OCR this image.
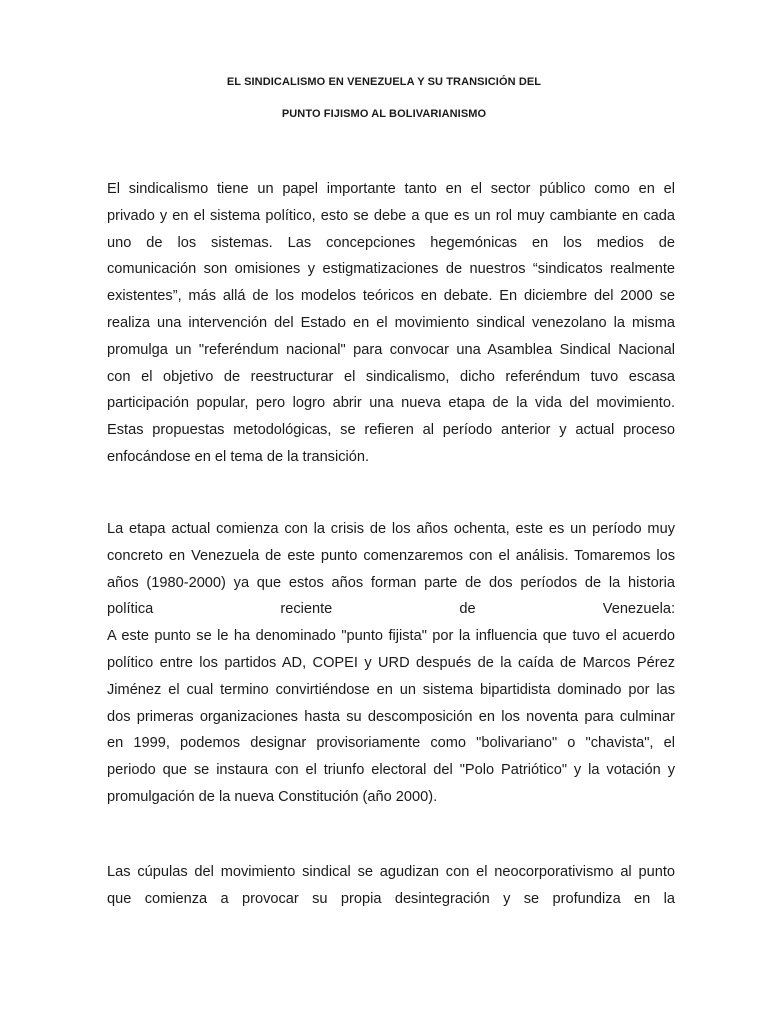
EL SINDICALISMO EN VENEZUELA Y SU TRANSICIÓN DEL
PUNTO FIJISMO AL BOLIVARIANISMO
El sindicalismo tiene un papel importante tanto en el sector público como en el
privado y en el sistema político, esto se debe a que es un rol muy cambiante en cada
uno de los sistemas. Las concepciones hegemónicas en los medios de
comunicación son omisiones y estigmatizaciones de nuestros “sindicatos realmente
existentes”, más allá de los modelos teóricos en debate. En diciembre del 2000 se
realiza una intervención del Estado en el movimiento sindical venezolano la misma
promulga un "referéndum nacional" para convocar una Asamblea Sindical Nacional
con el objetivo de reestructurar el sindicalismo, dicho referéndum tuvo escasa
participación popular, pero logro abrir una nueva etapa de la vida del movimiento.
Estas propuestas metodológicas, se refieren al período anterior y actual proceso
enfocándose en el tema de la transición.
La etapa actual comienza con la crisis de los años ochenta, este es un período muy
concreto en Venezuela de este punto comenzaremos con el análisis. Tomaremos los
años (1980-2000) ya que estos años forman parte de dos períodos de la historia
política reciente de Venezuela:
A este punto se le ha denominado "punto fijista" por la influencia que tuvo el acuerdo
político entre los partidos AD, COPEI y URD después de la caída de Marcos Pérez
Jiménez el cual termino convirtiéndose en un sistema bipartidista dominado por las
dos primeras organizaciones hasta su descomposición en los noventa para culminar
en 1999, podemos designar provisoriamente como "bolivariano" o "chavista", el
periodo que se instaura con el triunfo electoral del "Polo Patriótico" y la votación y
promulgación de la nueva Constitución (año 2000).
Las cúpulas del movimiento sindical se agudizan con el neocorporativismo al punto
que comienza a provocar su propia desintegración y se profundiza en la
